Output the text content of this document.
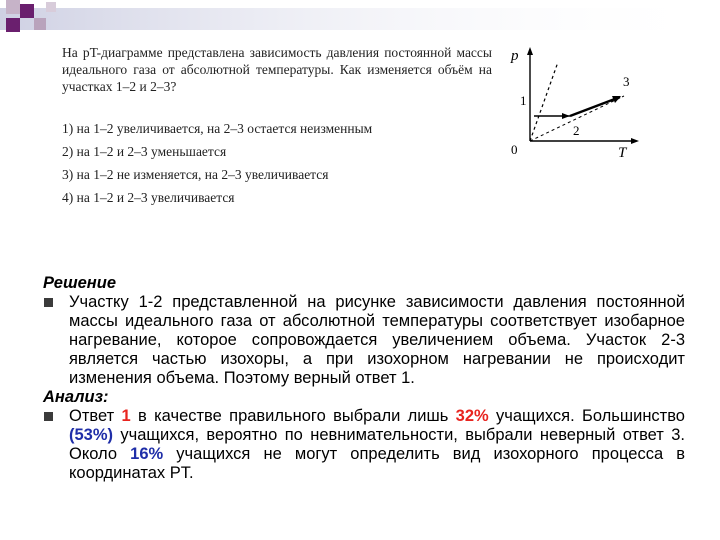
На pT-диаграмме представлена зависимость давления постоянной массы идеального газа от абсолютной температуры. Как изменяется объём на участках 1–2 и 2–3?

1) на 1–2 увеличивается, на 2–3 остается неизменным
2) на 1–2 и 2–3 уменьшается
3) на 1–2 не изменяется, на 2–3 увеличивается
4) на 1–2 и 2–3 увеличивается
p
T
0
1
2
3
Решение
Участку 1-2 представленной на рисунке зависимости давления постоянной массы идеального газа от абсолютной температуры соответствует изобарное нагревание, которое сопровождается увеличением объема. Участок 2-3 является частью изохоры, а при изохорном нагревании не происходит изменения объема. Поэтому верный ответ 1.
Анализ:
Ответ 1 в качестве правильного выбрали лишь 32% учащихся. Большинство (53%) учащихся, вероятно по невнимательности, выбрали неверный ответ 3. Около 16% учащихся не могут определить вид изохорного процесса в координатах PT.
